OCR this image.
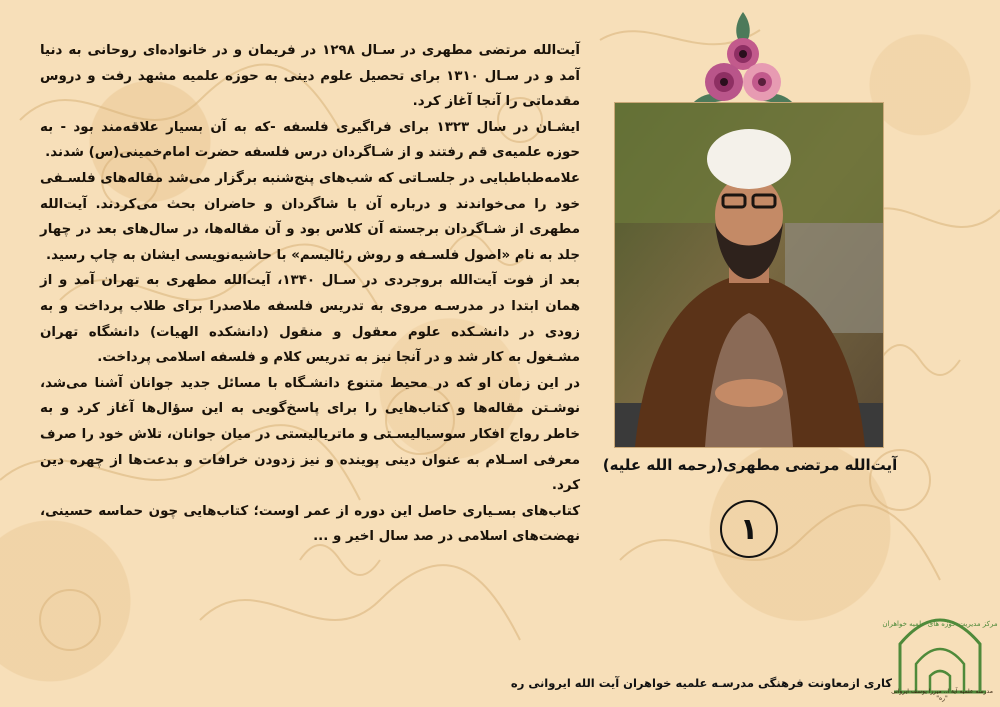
آیت‌الله مرتضی مطهری در سـال ۱۲۹۸ در فریمان و در خانواده‌ای روحانی به دنیا آمد و در سـال ۱۳۱۰ برای تحصیل علوم دینی به حوزه علمیه مشهد رفت و دروس مقدماتی را آنجا آغاز کرد.

ایشـان در سال ۱۳۲۳ برای فراگیری فلسفه -که به آن بسیار علاقه‌مند بود - به حوزه علمیه‌ی قم رفتند و از شـاگردان درس فلسفه حضرت امام‌خمینی(س) شدند.

علامه‌طباطبایی در جلسـاتی که شب‌های پنج‌شنبه برگزار می‌شد مقاله‌های فلسـفی خود را می‌خواندند و درباره آن با شاگردان و حاضران بحث می‌کردند. آیت‌الله مطهری از شـاگردان برجسته آن کلاس بود و آن مقاله‌ها، در سال‌های بعد در چهار جلد به نام «اصول فلسـفه و روش رئالیسم» با حاشیه‌نویسی ایشان به چاپ رسید.

بعد از فوت آیت‌الله بروجردی در سـال ۱۳۴۰، آیت‌الله مطهری به تهران آمد و از همان ابتدا در مدرسـه مروی به تدریس فلسفه ملاصدرا برای طلاب پرداخت و به زودی در دانشـکده علوم معقول و منقول (دانشکده الهیات) دانشگاه تهران مشـغول به کار شد و در آنجا نیز به تدریس کلام و فلسفه اسلامی پرداخت.

در این زمان او که در محیط متنوع دانشـگاه با مسائل جدید جوانان آشنا می‌شد، نوشـتن مقاله‌ها و کتاب‌هایی را برای پاسخ‌گویی به این سؤال‌ها آغاز کرد و به خاطر رواج افکار سوسیالیسـتی و ماتریالیستی در میان جوانان، تلاش خود را صرف معرفی اسـلام به عنوان دینی پوینده و نیز زدودن خرافات و بدعت‌ها از چهره دین کرد.

کتاب‌های بسـیاری حاصل این دوره از عمر اوست؛ کتاب‌هایی چون حماسه حسینی، نهضت‌های اسلامی در صد سال اخیر و ...

آیت‌الله مرتضی مطهری(رحمه الله علیه)
۱
مرکز مدیریت حوزه های علمیه خواهران
مدرسه علمیه آیة ا.. میرزا یوسف ایروانی "ره"
کاری ازمعاونت فرهنگی مدرسـه علمیه خواهران آیت الله ایروانی ره
